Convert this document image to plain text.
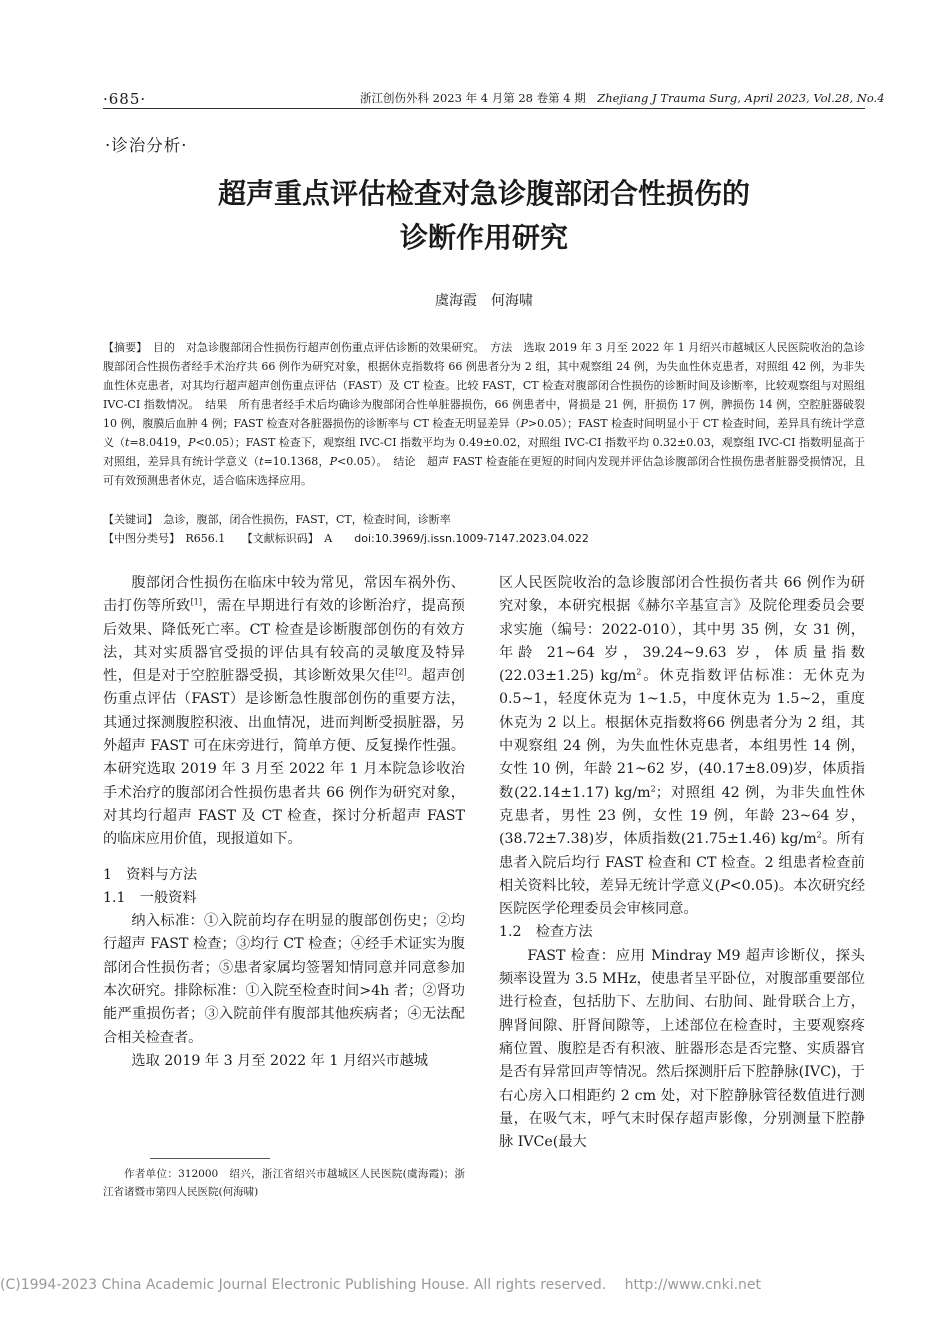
·685·	浙江创伤外科 2023 年 4 月第 28 卷第 4 期　 Zhejiang J Trauma Surg, April 2023, Vol.28, No.4
·诊治分析·
超声重点评估检查对急诊腹部闭合性损伤的
诊断作用研究
虞海霞　何海啸
【摘要】　 目的　 对急诊腹部闭合性损伤行超声创伤重点评估诊断的效果研究。　 方法　 选取 2019 年 3 月至 2022 年 1 月绍兴市越城区人民医院收治的急诊腹部闭合性损伤者经手术治疗共 66 例作为研究对象，根据休克指数将 66 例患者分为 2 组，其中观察组 24 例，为失血性休克患者，对照组 42 例，为非失血性休克患者，对其均行超声超声创伤重点评估（FAST）及 CT 检查。比较 FAST，CT 检查对腹部闭合性损伤的诊断时间及诊断率，比较观察组与对照组 IVC-CI 指数情况。　 结果　 所有患者经手术后均确诊为腹部闭合性单脏器损伤，66 例患者中，肾损是 21 例，肝损伤 17 例，脾损伤 14 例，空腔脏器破裂 10 例，腹膜后血肿 4 例；FAST 检查对各脏器损伤的诊断率与 CT 检查无明显差异（P>0.05）；FAST 检查时间明显小于 CT 检查时间，差异具有统计学意义（t=8.0419，P<0.05）；FAST 检查下，观察组 IVC-CI 指数平均为 0.49±0.02，对照组 IVC-CI 指数平均 0.32±0.03，观察组 IVC-CI 指数明显高于对照组，差异具有统计学意义（t=10.1368，P<0.05）。　 结论　 超声 FAST 检查能在更短的时间内发现并评估急诊腹部闭合性损伤患者脏器受损情况，且可有效预测患者休克，适合临床选择应用。
【关键词】　 急诊，腹部，闭合性损伤，FAST，CT，检查时间，诊断率
【中图分类号】　 R656.1　　 【文献标识码】　 A　　 doi:10.3969/j.issn.1009-7147.2023.04.022

腹部闭合性损伤在临床中较为常见，常因车祸外伤、击打伤等所致[1]，需在早期进行有效的诊断治疗，提高预后效果、降低死亡率。CT 检查是诊断腹部创伤的有效方法，其对实质器官受损的评估具有较高的灵敏度及特异性，但是对于空腔脏器受损，其诊断效果欠佳[2]。超声创伤重点评估（FAST）是诊断急性腹部创伤的重要方法，其通过探测腹腔积液、出血情况，进而判断受损脏器，另外超声 FAST 可在床旁进行，简单方便、反复操作性强。本研究选取 2019 年 3 月至 2022 年 1 月本院急诊收治手术治疗的腹部闭合性损伤患者共 66 例作为研究对象，对其均行超声 FAST 及 CT 检查，探讨分析超声 FAST 的临床应用价值，现报道如下。

1　资料与方法

1.1　一般资料

纳入标准：①入院前均存在明显的腹部创伤史；②均行超声 FAST 检查；③均行 CT 检查；④经手术证实为腹部闭合性损伤者；⑤患者家属均签署知情同意并同意参加本次研究。排除标准：①入院至检查时间>4h 者；②肾功能严重损伤者；③入院前伴有腹部其他疾病者；④无法配合相关检查者。

选取 2019 年 3 月至 2022 年 1 月绍兴市越城

区人民医院收治的急诊腹部闭合性损伤者共 66 例作为研究对象，本研究根据《赫尔辛基宣言》及院伦理委员会要求实施（编号：2022-010），其中男 35 例，女 31 例，年龄 21~64 岁，39.24~9.63 岁，体质量指数(22.03±1.25) $kg/m^2$。休克指数评估标准：无休克为 0.5~1，轻度休克为 1~1.5，中度休克为 1.5~2，重度休克为 2 以上。根据休克指数将66 例患者分为 2 组，其中观察组 24 例，为失血性休克患者，本组男性 14 例，女性 10 例，年龄 21~62 岁，(40.17±8.09)岁，体质指数(22.14±1.17) $kg/m^2$；对照组 42 例，为非失血性休克患者，男性 23 例，女性 19 例，年龄 23~64 岁，(38.72±7.38)岁，体质指数(21.75±1.46) $kg/m^2$。所有患者入院后均行 FAST 检查和 CT 检查。2 组患者检查前相关资料比较，差异无统计学意义(P<0.05)。本次研究经医院医学伦理委员会审核同意。

1.2　检查方法

FAST 检查：应用 Mindray M9 超声诊断仪，探头频率设置为 3.5 MHz，使患者呈平卧位，对腹部重要部位进行检查，包括肋下、左肋间、右肋间、趾骨联合上方，脾肾间隙、肝肾间隙等，上述部位在检查时，主要观察疼痛位置、腹腔是否有积液、脏器形态是否完整、实质器官是否有异常回声等情况。然后探测肝后下腔静脉(IVC)，于右心房入口相距约 2 cm 处，对下腔静脉管径数值进行测量，在吸气末，呼气末时保存超声影像，分别测量下腔静脉 IVCe(最大

作者单位：312000　绍兴，浙江省绍兴市越城区人民医院(虞海霞)；浙江省诸暨市第四人民医院(何海啸)
(C)1994-2023 China Academic Journal Electronic Publishing House. All rights reserved.　 http://www.cnki.net
